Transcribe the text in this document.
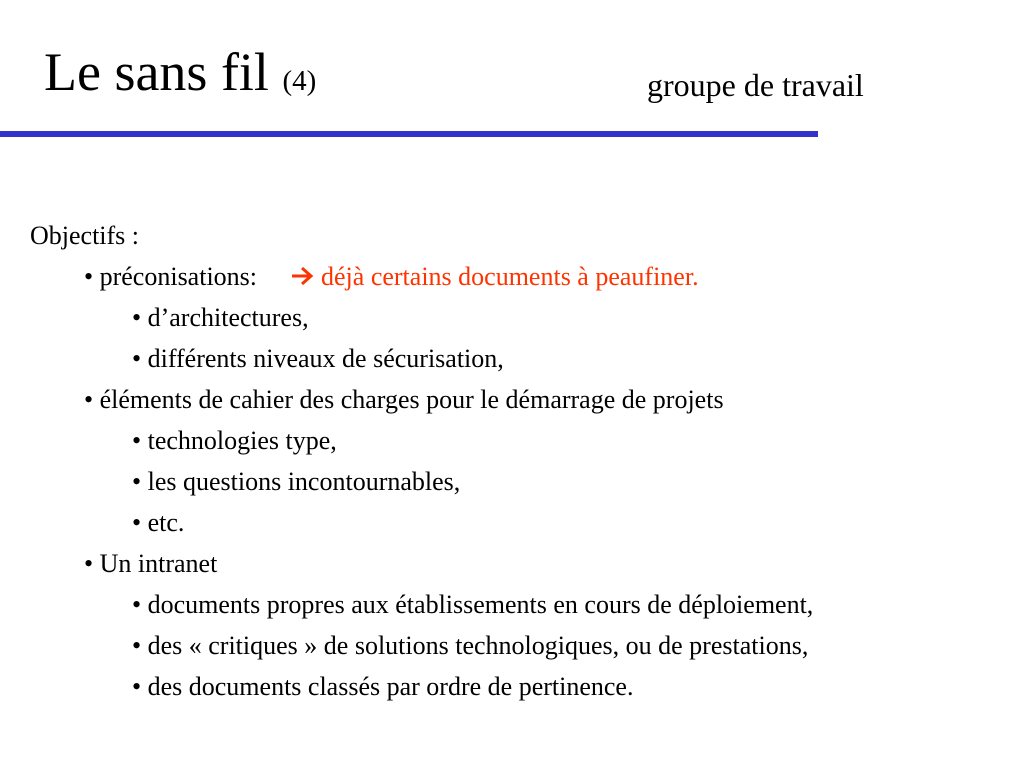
Le sans fil (4)	groupe de travail
Objectifs :
• préconisations: déjà certains documents à peaufiner.
• d’architectures,
• différents niveaux de sécurisation,
• éléments de cahier des charges pour le démarrage de projets
• technologies type,
• les questions incontournables,
• etc.
• Un intranet
• documents propres aux établissements en cours de déploiement,
• des « critiques » de solutions technologiques, ou de prestations,
• des documents classés par ordre de pertinence.
